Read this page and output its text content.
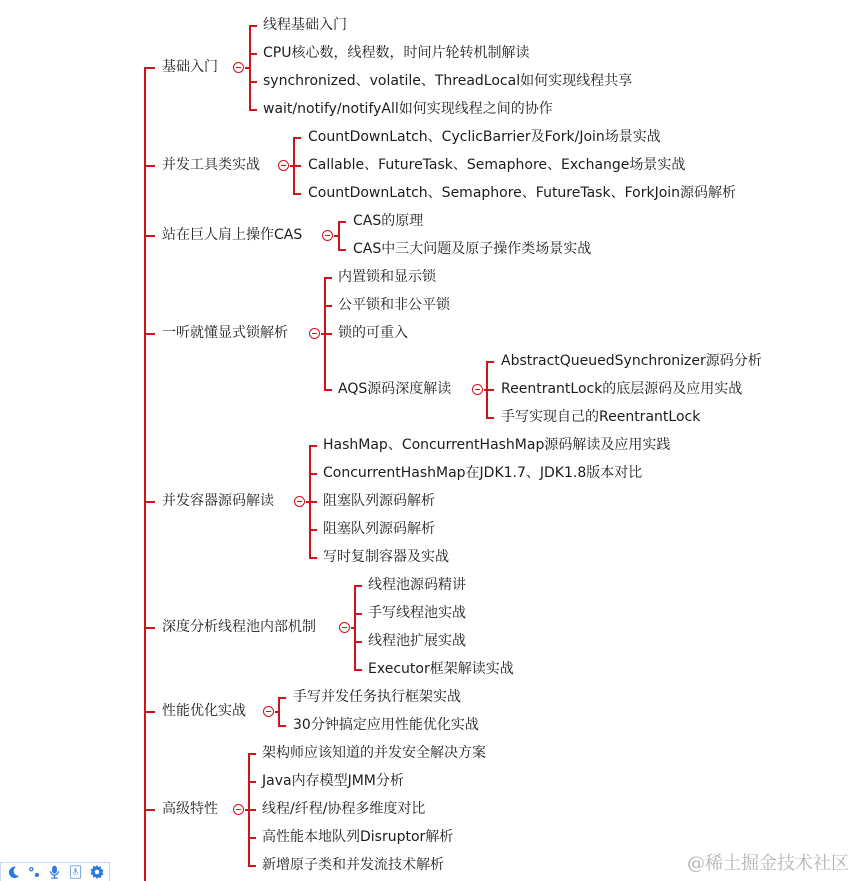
基础入门
线程基础入门
CPU核心数，线程数，时间片轮转机制解读
synchronized、volatile、ThreadLocal如何实现线程共享
wait/notify/notifyAll如何实现线程之间的协作
并发工具类实战
CountDownLatch、CyclicBarrier及Fork/Join场景实战
Callable、FutureTask、Semaphore、Exchange场景实战
CountDownLatch、Semaphore、FutureTask、ForkJoin源码解析
站在巨人肩上操作CAS
CAS的原理
CAS中三大问题及原子操作类场景实战
一听就懂显式锁解析
内置锁和显示锁
公平锁和非公平锁
锁的可重入
AQS源码深度解读
AbstractQueuedSynchronizer源码分析
ReentrantLock的底层源码及应用实战
手写实现自己的ReentrantLock
并发容器源码解读
HashMap、ConcurrentHashMap源码解读及应用实践
ConcurrentHashMap在JDK1.7、JDK1.8版本对比
阻塞队列源码解析
阻塞队列源码解析
写时复制容器及实战
深度分析线程池内部机制
线程池源码精讲
手写线程池实战
线程池扩展实战
Executor框架解读实战
性能优化实战
手写并发任务执行框架实战
30分钟搞定应用性能优化实战
高级特性
架构师应该知道的并发安全解决方案
Java内存模型JMM分析
线程/纤程/协程多维度对比
高性能本地队列Disruptor解析
新增原子类和并发流技术解析	@稀土掘金技术社区
